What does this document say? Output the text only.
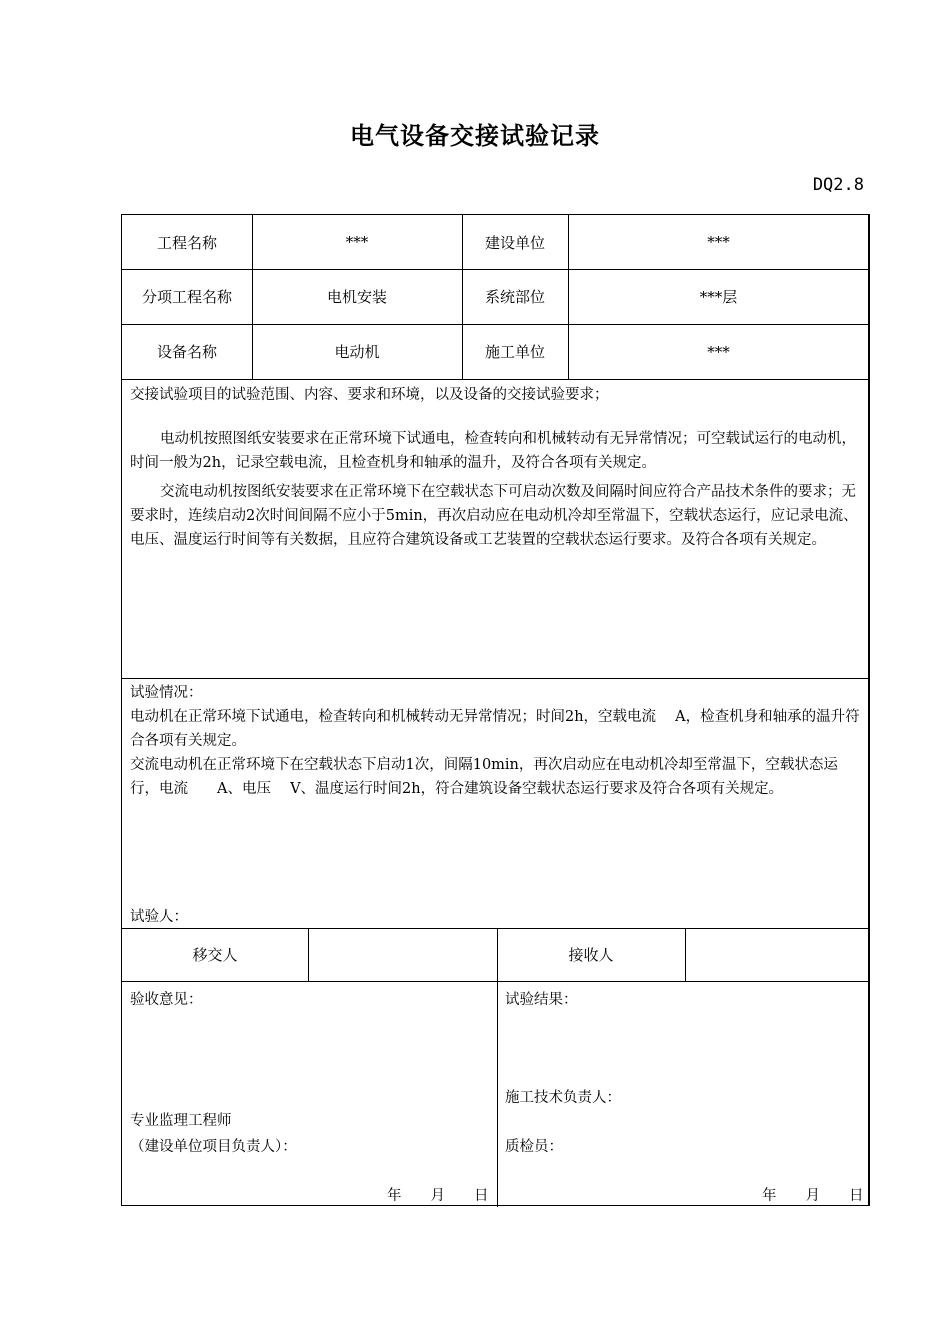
电气设备交接试验记录
DQ2.8
工程名称	***	建设单位	***
分项工程名称	电机安装	系统部位	***层
设备名称	电动机	施工单位	***

交接试验项目的试验范围、内容、要求和环境，以及设备的交接试验要求；

电动机按照图纸安装要求在正常环境下试通电，检查转向和机械转动有无异常情况；可空载试运行的电动机，时间一般为2h，记录空载电流，且检查机身和轴承的温升，及符合各项有关规定。

交流电动机按图纸安装要求在正常环境下在空载状态下可启动次数及间隔时间应符合产品技术条件的要求；无要求时，连续启动2次时间间隔不应小于5min，再次启动应在电动机冷却至常温下，空载状态运行，应记录电流、电压、温度运行时间等有关数据，且应符合建筑设备或工艺装置的空载状态运行要求。及符合各项有关规定。

试验情况：

电动机在正常环境下试通电，检查转向和机械转动无异常情况；时间2h，空载电流　 A，检查机身和轴承的温升符合各项有关规定。

交流电动机在正常环境下在空载状态下启动1次，间隔10min，再次启动应在电动机冷却至常温下，空载状态运行，电流　　A、电压　 V、温度运行时间2h，符合建筑设备空载状态运行要求及符合各项有关规定。

试验人：
移交人	接收人
验收意见：
专业监理工程师
（建设单位项目负责人）：
年　　月　　日
试验结果：
施工技术负责人：
质检员：
年　　月　　日
